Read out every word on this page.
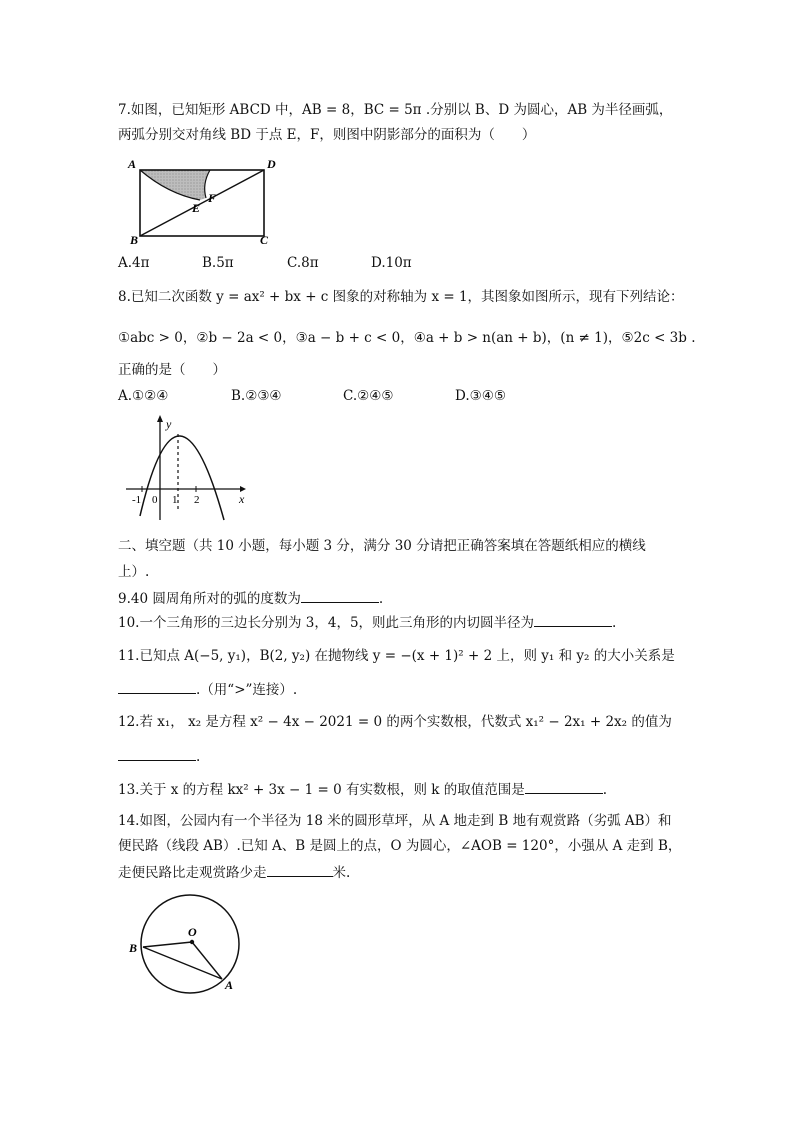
7.如图，已知矩形 ABCD 中，AB = 8，BC = 5π .分别以 B、D 为圆心，AB 为半径画弧，
两弧分别交对角线 BD 于点 E，F，则图中阴影部分的面积为（　　）
A	D
B	C
E
F
A.4π	B.5π	C.8π	D.10π
8.已知二次函数 y = ax² + bx + c 图象的对称轴为 x = 1，其图象如图所示，现有下列结论：
①abc > 0，②b − 2a < 0，③a − b + c < 0，④a + b > n(an + b)，(n ≠ 1)，⑤2c < 3b .
正确的是（　　）
A.①②④	B.②③④	C.②④⑤	D.③④⑤
y
x
-1 0 1 2
二、填空题（共 10 小题，每小题 3 分，满分 30 分请把正确答案填在答题纸相应的横线
上）.
9.40 圆周角所对的弧的度数为	.
10.一个三角形的三边长分别为 3，4，5，则此三角形的内切圆半径为	.
11.已知点 A(−5, y₁)，B(2, y₂) 在抛物线 y = −(x + 1)² + 2 上，则 y₁ 和 y₂ 的大小关系是
.（用“>”连接）.
12.若 x₁， x₂ 是方程 x² − 4x − 2021 = 0 的两个实数根，代数式 x₁² − 2x₁ + 2x₂ 的值为
.
13.关于 x 的方程 kx² + 3x − 1 = 0 有实数根，则 k 的取值范围是	.
14.如图，公园内有一个半径为 18 米的圆形草坪，从 A 地走到 B 地有观赏路（劣弧 AB）和
便民路（线段 AB）.已知 A、B 是圆上的点，O 为圆心，∠AOB = 120°，小强从 A 走到 B，
走便民路比走观赏路少走	米.
O
B
A
